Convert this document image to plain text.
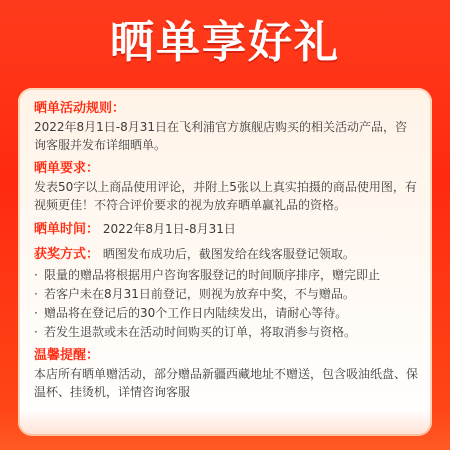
晒单享好礼
晒单活动规则：
2022年8月1日-8月31日在飞利浦官方旗舰店购买的相关活动产品，咨询客服并发布详细晒单。
晒单要求：
发表50字以上商品使用评论，并附上5张以上真实拍摄的商品使用图，有视频更佳！不符合评价要求的视为放弃晒单赢礼品的资格。
晒单时间： 2022年8月1日-8月31日
获奖方式： 晒图发布成功后，截图发给在线客服登记领取。
·
限量的赠品将根据用户咨询客服登记的时间顺序排序，赠完即止
·
若客户未在8月31日前登记，则视为放弃中奖，不与赠品。
·
赠品将在登记后的30个工作日内陆续发出，请耐心等待。
·
若发生退款或未在活动时间购买的订单，将取消参与资格。
温馨提醒：
本店所有晒单赠活动，部分赠品新疆西藏地址不赠送，包含吸油纸盘、保温杯、挂烫机，详情咨询客服
